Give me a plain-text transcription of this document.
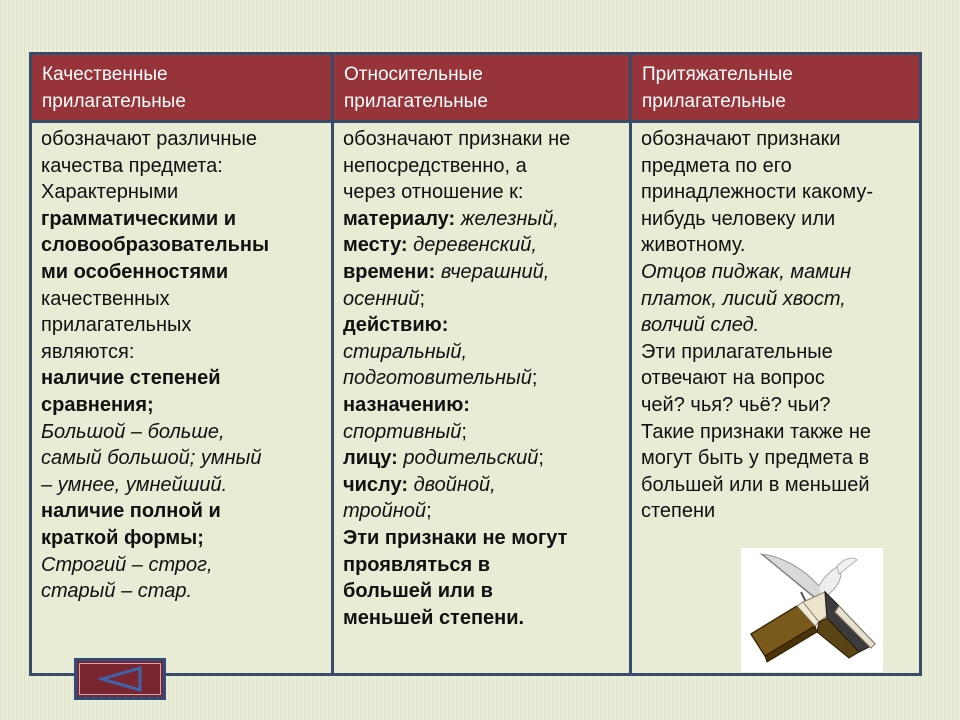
Качественные
прилагательные
Относительные
прилагательные
Притяжательные
прилагательные
обозначают различные
качества предмета:
Характерными
грамматическими и
словообразовательны
ми особенностями
качественных
прилагательных
являются:
наличие степеней
сравнения;
Большой – больше,
самый большой; умный
– умнее, умнейший.
наличие полной и
краткой формы;
Строгий – строг,
старый – стар.
обозначают признаки не
непосредственно, а
через отношение к:
материалу: железный,
месту: деревенский,
времени: вчерашний,
осенний;
действию:
стиральный,
подготовительный;
назначению:
спортивный;
лицу: родительский;
числу: двойной,
тройной;
Эти признаки не могут
проявляться в
большей или в
меньшей степени.
обозначают признаки
предмета по его
принадлежности какому-
нибудь человеку или
животному.
Отцов пиджак, мамин
платок, лисий хвост,
волчий след.
Эти прилагательные
отвечают на вопрос
чей? чья? чьё? чьи?
Такие признаки также не
могут быть у предмета в
большей или в меньшей
степени
